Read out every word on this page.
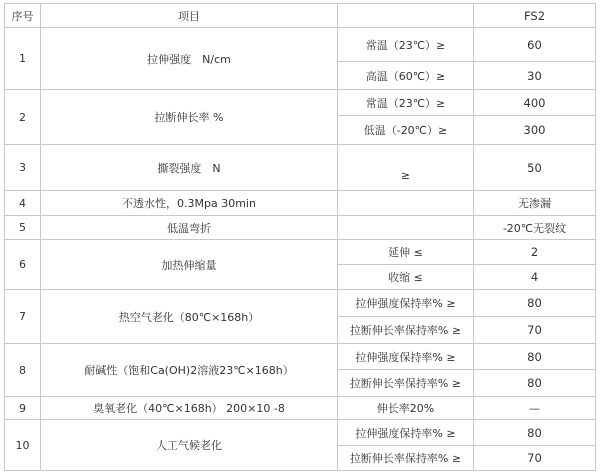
序号	项目		FS2
1	拉伸强度　N/cm	常温（23℃）≥	60
		高温（60℃）≥	30
2	拉断伸长率 %	常温（23℃）≥	400
		低温（-20℃）≥	300
3	撕裂强度　N	≥	50
4	不透水性，0.3Mpa 30min		无渗漏
5	低温弯折		-20℃无裂纹
6	加热伸缩量	延伸 ≤	2
		收缩 ≤	4
7	热空气老化（80℃×168h）	拉伸强度保持率% ≥	80
		拉断伸长率保持率% ≥	70
8	耐碱性（饱和Ca(OH)2溶液23℃×168h）	拉伸强度保持率% ≥	80
		拉断伸长率保持率% ≥	80
9	臭氧老化（40℃×168h） 200×10 -8	伸长率20%	—
10	人工气候老化	拉伸强度保持率% ≥	80
		拉断伸长率保持率% ≥	70
